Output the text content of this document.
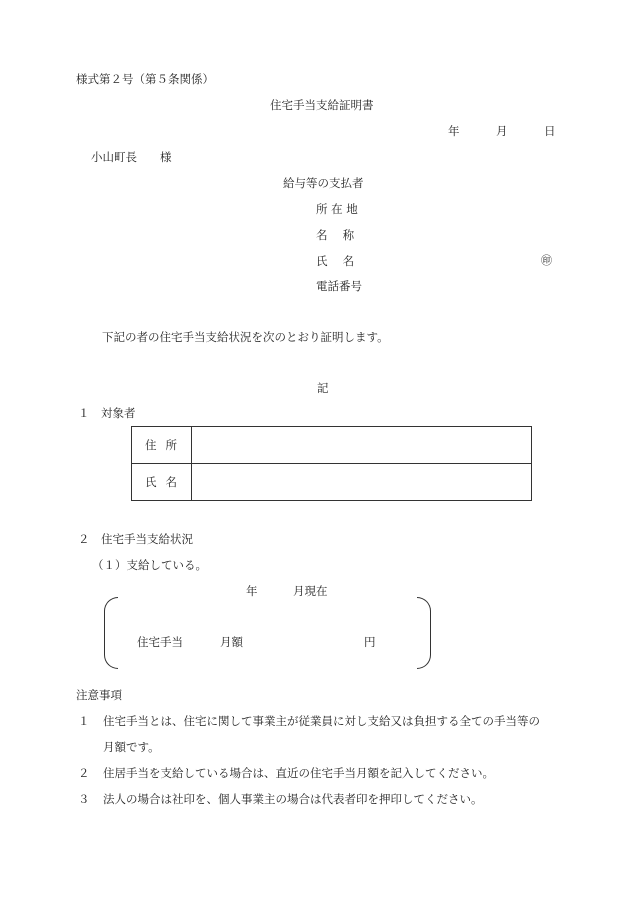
様式第２号（第５条関係）
住宅手当支給証明書
年	月	日
小山町長　　様
給与等の支払者
所 在 地
名　 称
氏　 名	㊞
電話番号
下記の者の住宅手当支給状況を次のとおり証明します。
記
１　対象者
住所
氏名
２　住宅手当支給状況
（１）支給している。
年	月現在
住宅手当	月額	円
注意事項
１ 住宅手当とは、住宅に関して事業主が従業員に対し支給又は負担する全ての手当等の
月額です。
２ 住居手当を支給している場合は、直近の住宅手当月額を記入してください。
３ 法人の場合は社印を、個人事業主の場合は代表者印を押印してください。
